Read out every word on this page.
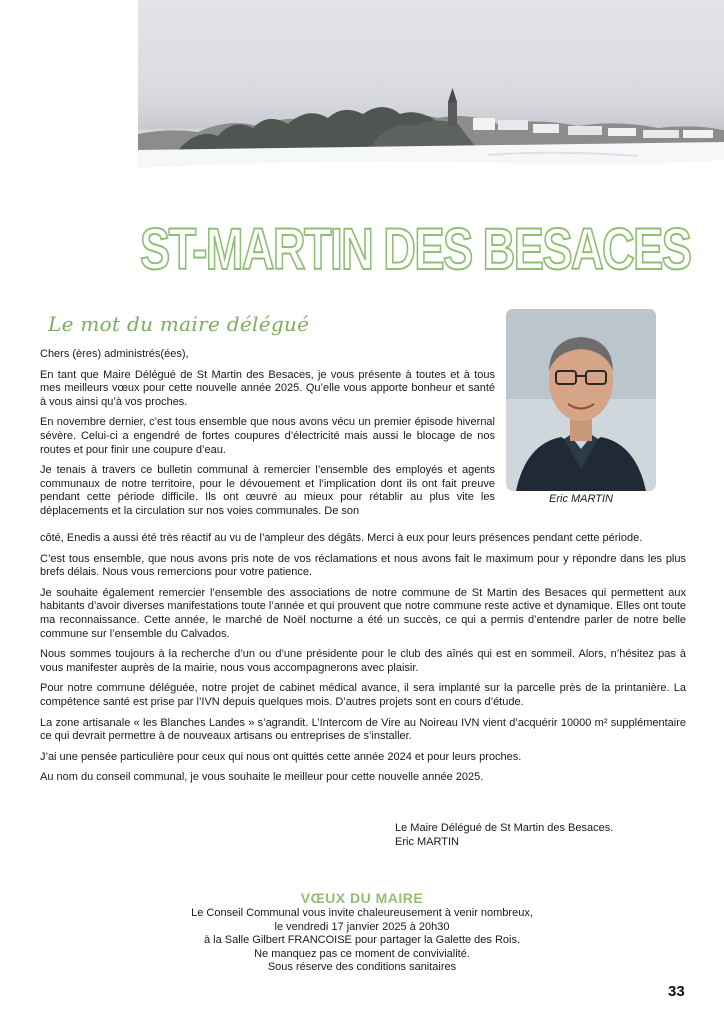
ST-MARTIN DES BESACES
Le mot du maire délégué
Eric MARTIN

Chers (ères) administrés(ées),

En tant que Maire Délégué de St Martin des Besaces, je vous présente à toutes et à tous mes meilleurs vœux pour cette nouvelle année 2025. Qu’elle vous apporte bonheur et santé à vous ainsi qu’à vos proches.

En novembre dernier, c’est tous ensemble que nous avons vécu un premier épisode hivernal sévère. Celui-ci a engendré de fortes coupures d’électricité mais aussi le blocage de nos routes et pour finir une coupure d’eau.

Je tenais à travers ce bulletin communal à remercier l’ensemble des employés et agents communaux de notre territoire, pour le dévouement et l’implication dont ils ont fait preuve pendant cette période difficile. Ils ont œuvré au mieux pour rétablir au plus vite les déplacements et la circulation sur nos voies communales. De son

côté, Enedis a aussi été très réactif au vu de l’ampleur des dégâts. Merci à eux pour leurs présences pendant cette période.

C’est tous ensemble, que nous avons pris note de vos réclamations et nous avons fait le maximum pour y répondre dans les plus brefs délais. Nous vous remercions pour votre patience.

Je souhaite également remercier l’ensemble des associations de notre commune de St Martin des Besaces qui permettent aux habitants d’avoir diverses manifestations toute l’année et qui prouvent que notre commune reste active et dynamique. Elles ont toute ma reconnaissance. Cette année, le marché de Noël nocturne a été un succès, ce qui a permis d’entendre parler de notre belle commune sur l’ensemble du Calvados.

Nous sommes toujours à la recherche d’un ou d’une présidente pour le club des aînés qui est en sommeil. Alors, n’hésitez pas à vous manifester auprès de la mairie, nous vous accompagnerons avec plaisir.

Pour notre commune déléguée, notre projet de cabinet médical avance, il sera implanté sur la parcelle près de la printanière. La compétence santé est prise par l’IVN depuis quelques mois. D’autres projets sont en cours d’étude.

La zone artisanale « les Blanches Landes » s’agrandit. L’Intercom de Vire au Noireau IVN vient d’acquérir 10000 m² supplémentaire ce qui devrait permettre à de nouveaux artisans ou entreprises de s’installer.

J’ai une pensée particulière pour ceux qui nous ont quittés cette année 2024 et pour leurs proches.

Au nom du conseil communal, je vous souhaite le meilleur pour cette nouvelle année 2025.

Le Maire Délégué de St Martin des Besaces.
Eric MARTIN
VŒUX DU MAIRE
Le Conseil Communal vous invite chaleureusement à venir nombreux,
le vendredi 17 janvier 2025 à 20h30
à la Salle Gilbert FRANCOISE pour partager la Galette des Rois.
Ne manquez pas ce moment de convivialité.
Sous réserve des conditions sanitaires
33
